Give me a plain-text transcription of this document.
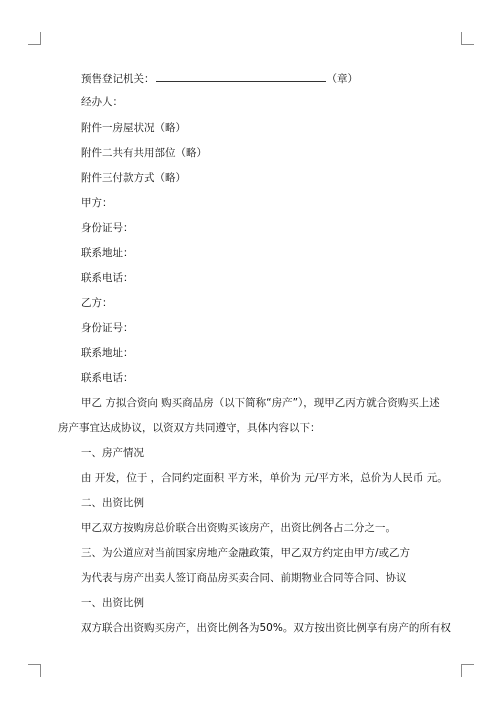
预售登记机关：	（章）
经办人：
附件一房屋状况（略）
附件二共有共用部位（略）
附件三付款方式（略）
甲方：
身份证号：
联系地址：
联系电话：
乙方：
身份证号：
联系地址：
联系电话：
甲乙 方拟合资向 购买商品房（以下简称“房产”），现甲乙丙方就合资购买上述
房产事宜达成协议，以资双方共同遵守，具体内容以下：
一、房产情况
由 开发，位于 ，合同约定面积 平方米，单价为 元/平方米，总价为人民币 元。
二、出资比例
甲乙双方按购房总价联合出资购买该房产，出资比例各占二分之一。
三、为公道应对当前国家房地产金融政策，甲乙双方约定由甲方/或乙方
为代表与房产出卖人签订商品房买卖合同、前期物业合同等合同、协议
一、出资比例
双方联合出资购买房产，出资比例各为50%。双方按出资比例享有房产的所有权
